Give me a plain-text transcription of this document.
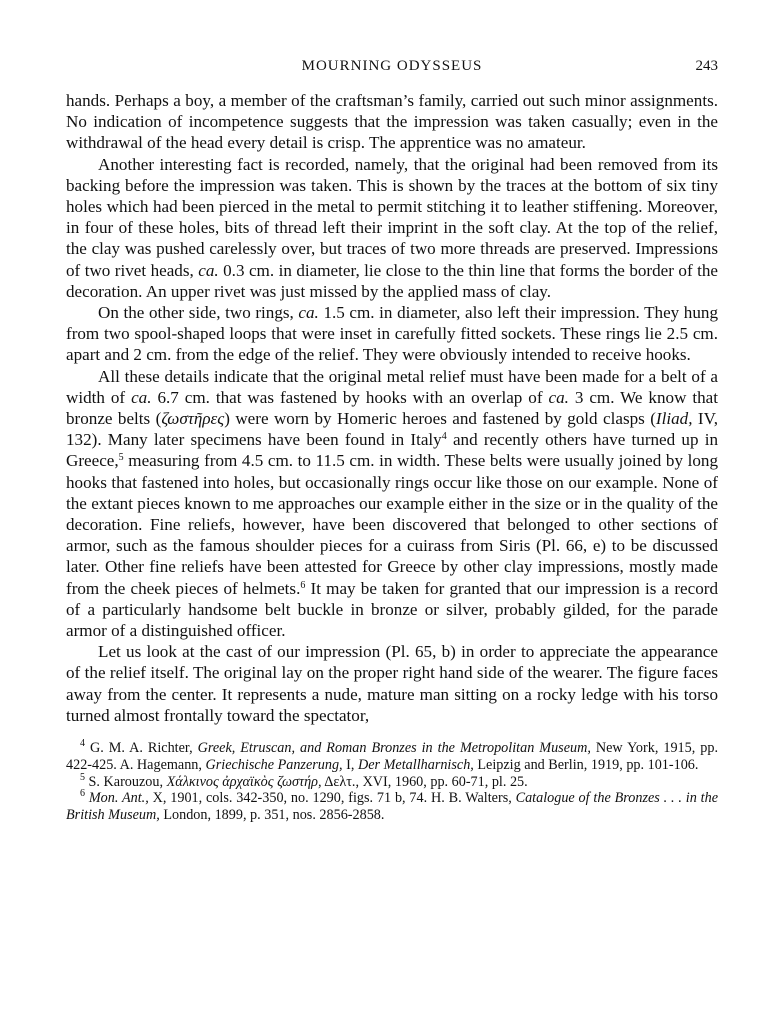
MOURNING ODYSSEUS	243

hands. Perhaps a boy, a member of the craftsman’s family, carried out such minor assignments. No indication of incompetence suggests that the impression was taken casually; even in the withdrawal of the head every detail is crisp. The apprentice was no amateur.

Another interesting fact is recorded, namely, that the original had been removed from its backing before the impression was taken. This is shown by the traces at the bottom of six tiny holes which had been pierced in the metal to permit stitching it to leather stiffening. Moreover, in four of these holes, bits of thread left their imprint in the soft clay. At the top of the relief, the clay was pushed carelessly over, but traces of two more threads are preserved. Impressions of two rivet heads, ca. 0.3 cm. in diameter, lie close to the thin line that forms the border of the decoration. An upper rivet was just missed by the applied mass of clay.

On the other side, two rings, ca. 1.5 cm. in diameter, also left their impression. They hung from two spool-shaped loops that were inset in carefully fitted sockets. These rings lie 2.5 cm. apart and 2 cm. from the edge of the relief. They were obviously intended to receive hooks.

All these details indicate that the original metal relief must have been made for a belt of a width of ca. 6.7 cm. that was fastened by hooks with an overlap of ca. 3 cm. We know that bronze belts (ζωστῆρες) were worn by Homeric heroes and fastened by gold clasps (Iliad, IV, 132). Many later specimens have been found in Italy$^4$ and recently others have turned up in Greece,$^5$ measuring from 4.5 cm. to 11.5 cm. in width. These belts were usually joined by long hooks that fastened into holes, but occasionally rings occur like those on our example. None of the extant pieces known to me approaches our example either in the size or in the quality of the decoration. Fine reliefs, however, have been discovered that belonged to other sections of armor, such as the famous shoulder pieces for a cuirass from Siris (Pl. 66, e) to be discussed later. Other fine reliefs have been attested for Greece by other clay impressions, mostly made from the cheek pieces of helmets.$^6$ It may be taken for granted that our impression is a record of a particularly handsome belt buckle in bronze or silver, probably gilded, for the parade armor of a distinguished officer.

Let us look at the cast of our impression (Pl. 65, b) in order to appreciate the appearance of the relief itself. The original lay on the proper right hand side of the wearer. The figure faces away from the center. It represents a nude, mature man sitting on a rocky ledge with his torso turned almost frontally toward the spectator,

$^4$ G. M. A. Richter, Greek, Etruscan, and Roman Bronzes in the Metropolitan Museum, New York, 1915, pp. 422-425. A. Hagemann, Griechische Panzerung, I, Der Metallharnisch, Leipzig and Berlin, 1919, pp. 101-106.

$^5$ S. Karouzou, Χάλκινος ἀρχαϊκὸς ζωστήρ, Δελτ., XVI, 1960, pp. 60-71, pl. 25.

$^6$ Mon. Ant., X, 1901, cols. 342-350, no. 1290, figs. 71 b, 74. H. B. Walters, Catalogue of the Bronzes . . . in the British Museum, London, 1899, p. 351, nos. 2856-2858.
